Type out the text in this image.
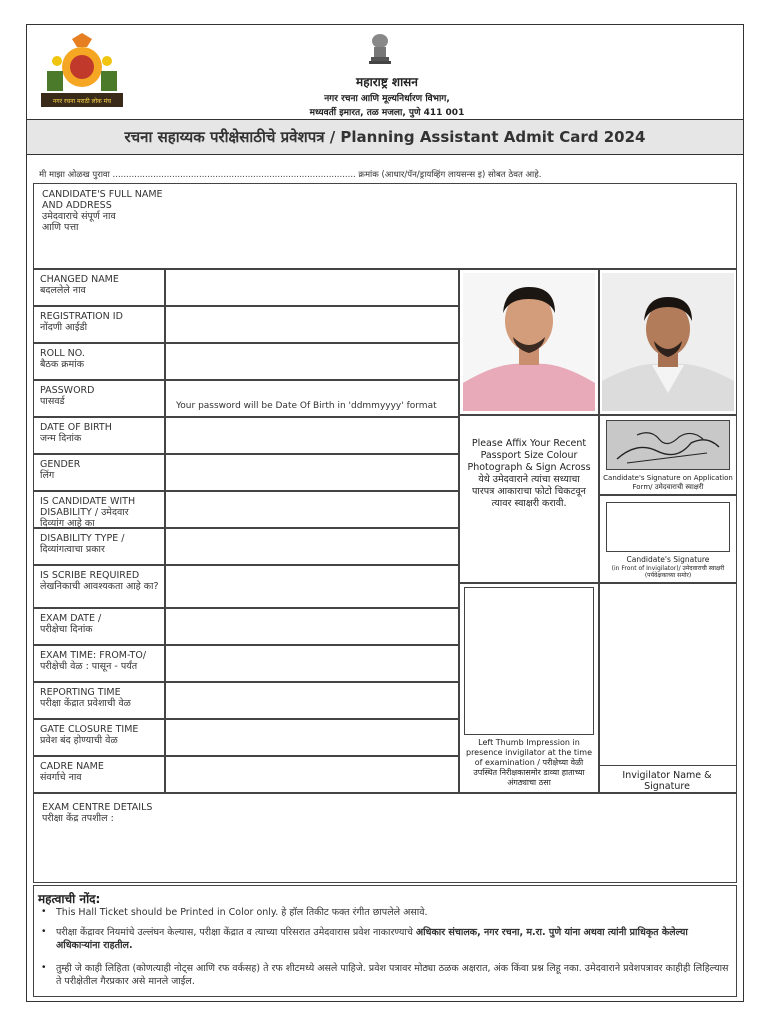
नगर रचना मराठी लोक मंच
महाराष्ट्र शासन
नगर रचना आणि मूल्यनिर्धारण विभाग,
मध्यवर्ती इमारत, तळ मजला, पुणे 411 001
रचना सहाय्यक परीक्षेसाठीचे प्रवेशपत्र / Planning Assistant Admit Card 2024
मी माझा ओळख पुरावा .......................................................................................... क्रमांक (आधार/पॅन/ड्रायव्हिंग लायसन्स इ) सोबत ठेवत आहे.
CANDIDATE'S FULL NAME AND ADDRESS
उमेदवाराचे संपूर्ण नाव
आणि पत्ता
CHANGED NAME
बदललेले नाव
REGISTRATION ID
नोंदणी आईडी
ROLL NO.
बैठक क्रमांक
PASSWORD
पासवर्ड	Your password will be Date Of Birth in 'ddmmyyyy' format
DATE OF BIRTH
जन्म दिनांक
GENDER
लिंग
IS CANDIDATE WITH DISABILITY / उमेदवार
दिव्यांग आहे का
DISABILITY TYPE /
दिव्यांगत्वाचा प्रकार
IS SCRIBE REQUIRED
लेखनिकाची आवश्यकता आहे का?
EXAM DATE /
परीक्षेचा दिनांक
EXAM TIME: FROM-TO/
परीक्षेची वेळ : पासून - पर्यंत
REPORTING TIME
परीक्षा केंद्रात प्रवेशाची वेळ
GATE CLOSURE TIME
प्रवेश बंद होण्याची वेळ
CADRE NAME
संवर्गाचे नाव
Please Affix Your Recent Passport Size Colour Photograph & Sign Across
येथे उमेदवाराने त्यांचा सध्याचा पारपत्र आकाराचा फोटो चिकटवून त्यावर स्वाक्षरी करावी.
Candidate's Signature on Application Form/ उमेदवाराची स्वाक्षरी
Candidate's Signature
(in Front of Invigilator)/ उमेदवाराची स्वाक्षरी (पर्यवेक्षकाच्या समोर)
Left Thumb Impression in presence invigilator at the time of examination / परीक्षेच्या वेळी उपस्थित निरीक्षकासमोर डाव्या हाताच्या अंगठ्याचा ठसा
Invigilator Name & Signature
EXAM CENTRE DETAILS
परीक्षा केंद्र तपशील :
महत्वाची नोंद:
• This Hall Ticket should be Printed in Color only. हे हॉल तिकीट फक्त रंगीत छापलेले असावे.
• परीक्षा केंद्रावर नियमांचे उल्लंघन केल्यास, परीक्षा केंद्रात व त्याच्या परिसरात उमेदवारास प्रवेश नाकारण्याचे अधिकार संचालक, नगर रचना, म.रा. पुणे यांना अथवा त्यांनी प्राधिकृत केलेल्या अधिकाऱ्यांना राहतील.
• तुम्ही जे काही लिहिता (कोणत्याही नोट्स आणि रफ वर्कसह) ते रफ शीटमध्ये असले पाहिजे. प्रवेश पत्रावर मोठ्या ठळक अक्षरात, अंक किंवा प्रश्न लिहू नका. उमेदवाराने प्रवेशपत्रावर काहीही लिहिल्यास ते परीक्षेतील गैरप्रकार असे मानले जाईल.
